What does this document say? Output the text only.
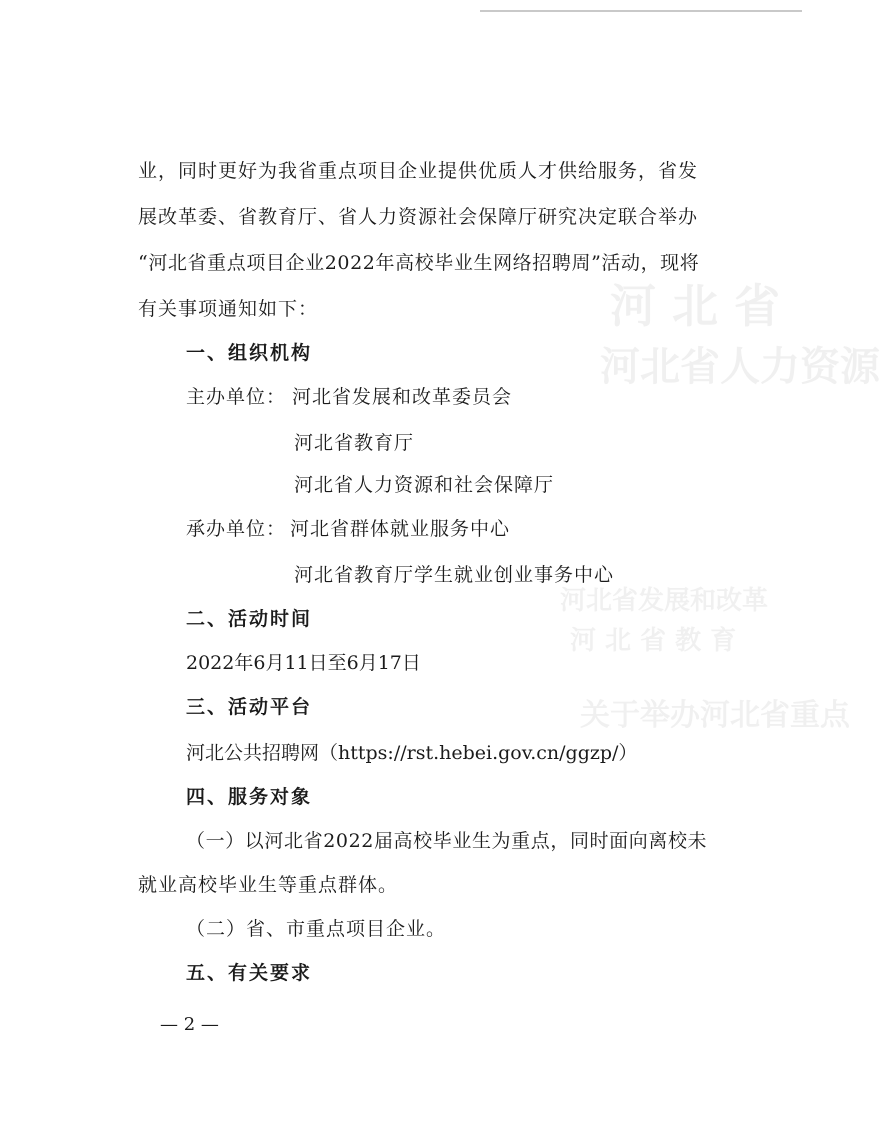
河 北 省
河北省人力资源
河北省发展和改革
河 北 省 教 育
关于举办河北省重点
业，同时更好为我省重点项目企业提供优质人才供给服务，省发
展改革委、省教育厅、省人力资源社会保障厅研究决定联合举办
“河北省重点项目企业2022年高校毕业生网络招聘周”活动，现将
有关事项通知如下：
一、组织机构
主办单位： 河北省发展和改革委员会
河北省教育厅
河北省人力资源和社会保障厅
承办单位： 河北省群体就业服务中心
河北省教育厅学生就业创业事务中心
二、活动时间
2022年6月11日至6月17日
三、活动平台
河北公共招聘网（https://rst.hebei.gov.cn/ggzp/）
四、服务对象
（一）以河北省2022届高校毕业生为重点，同时面向离校未
就业高校毕业生等重点群体。
（二）省、市重点项目企业。
五、有关要求
— 2 —
